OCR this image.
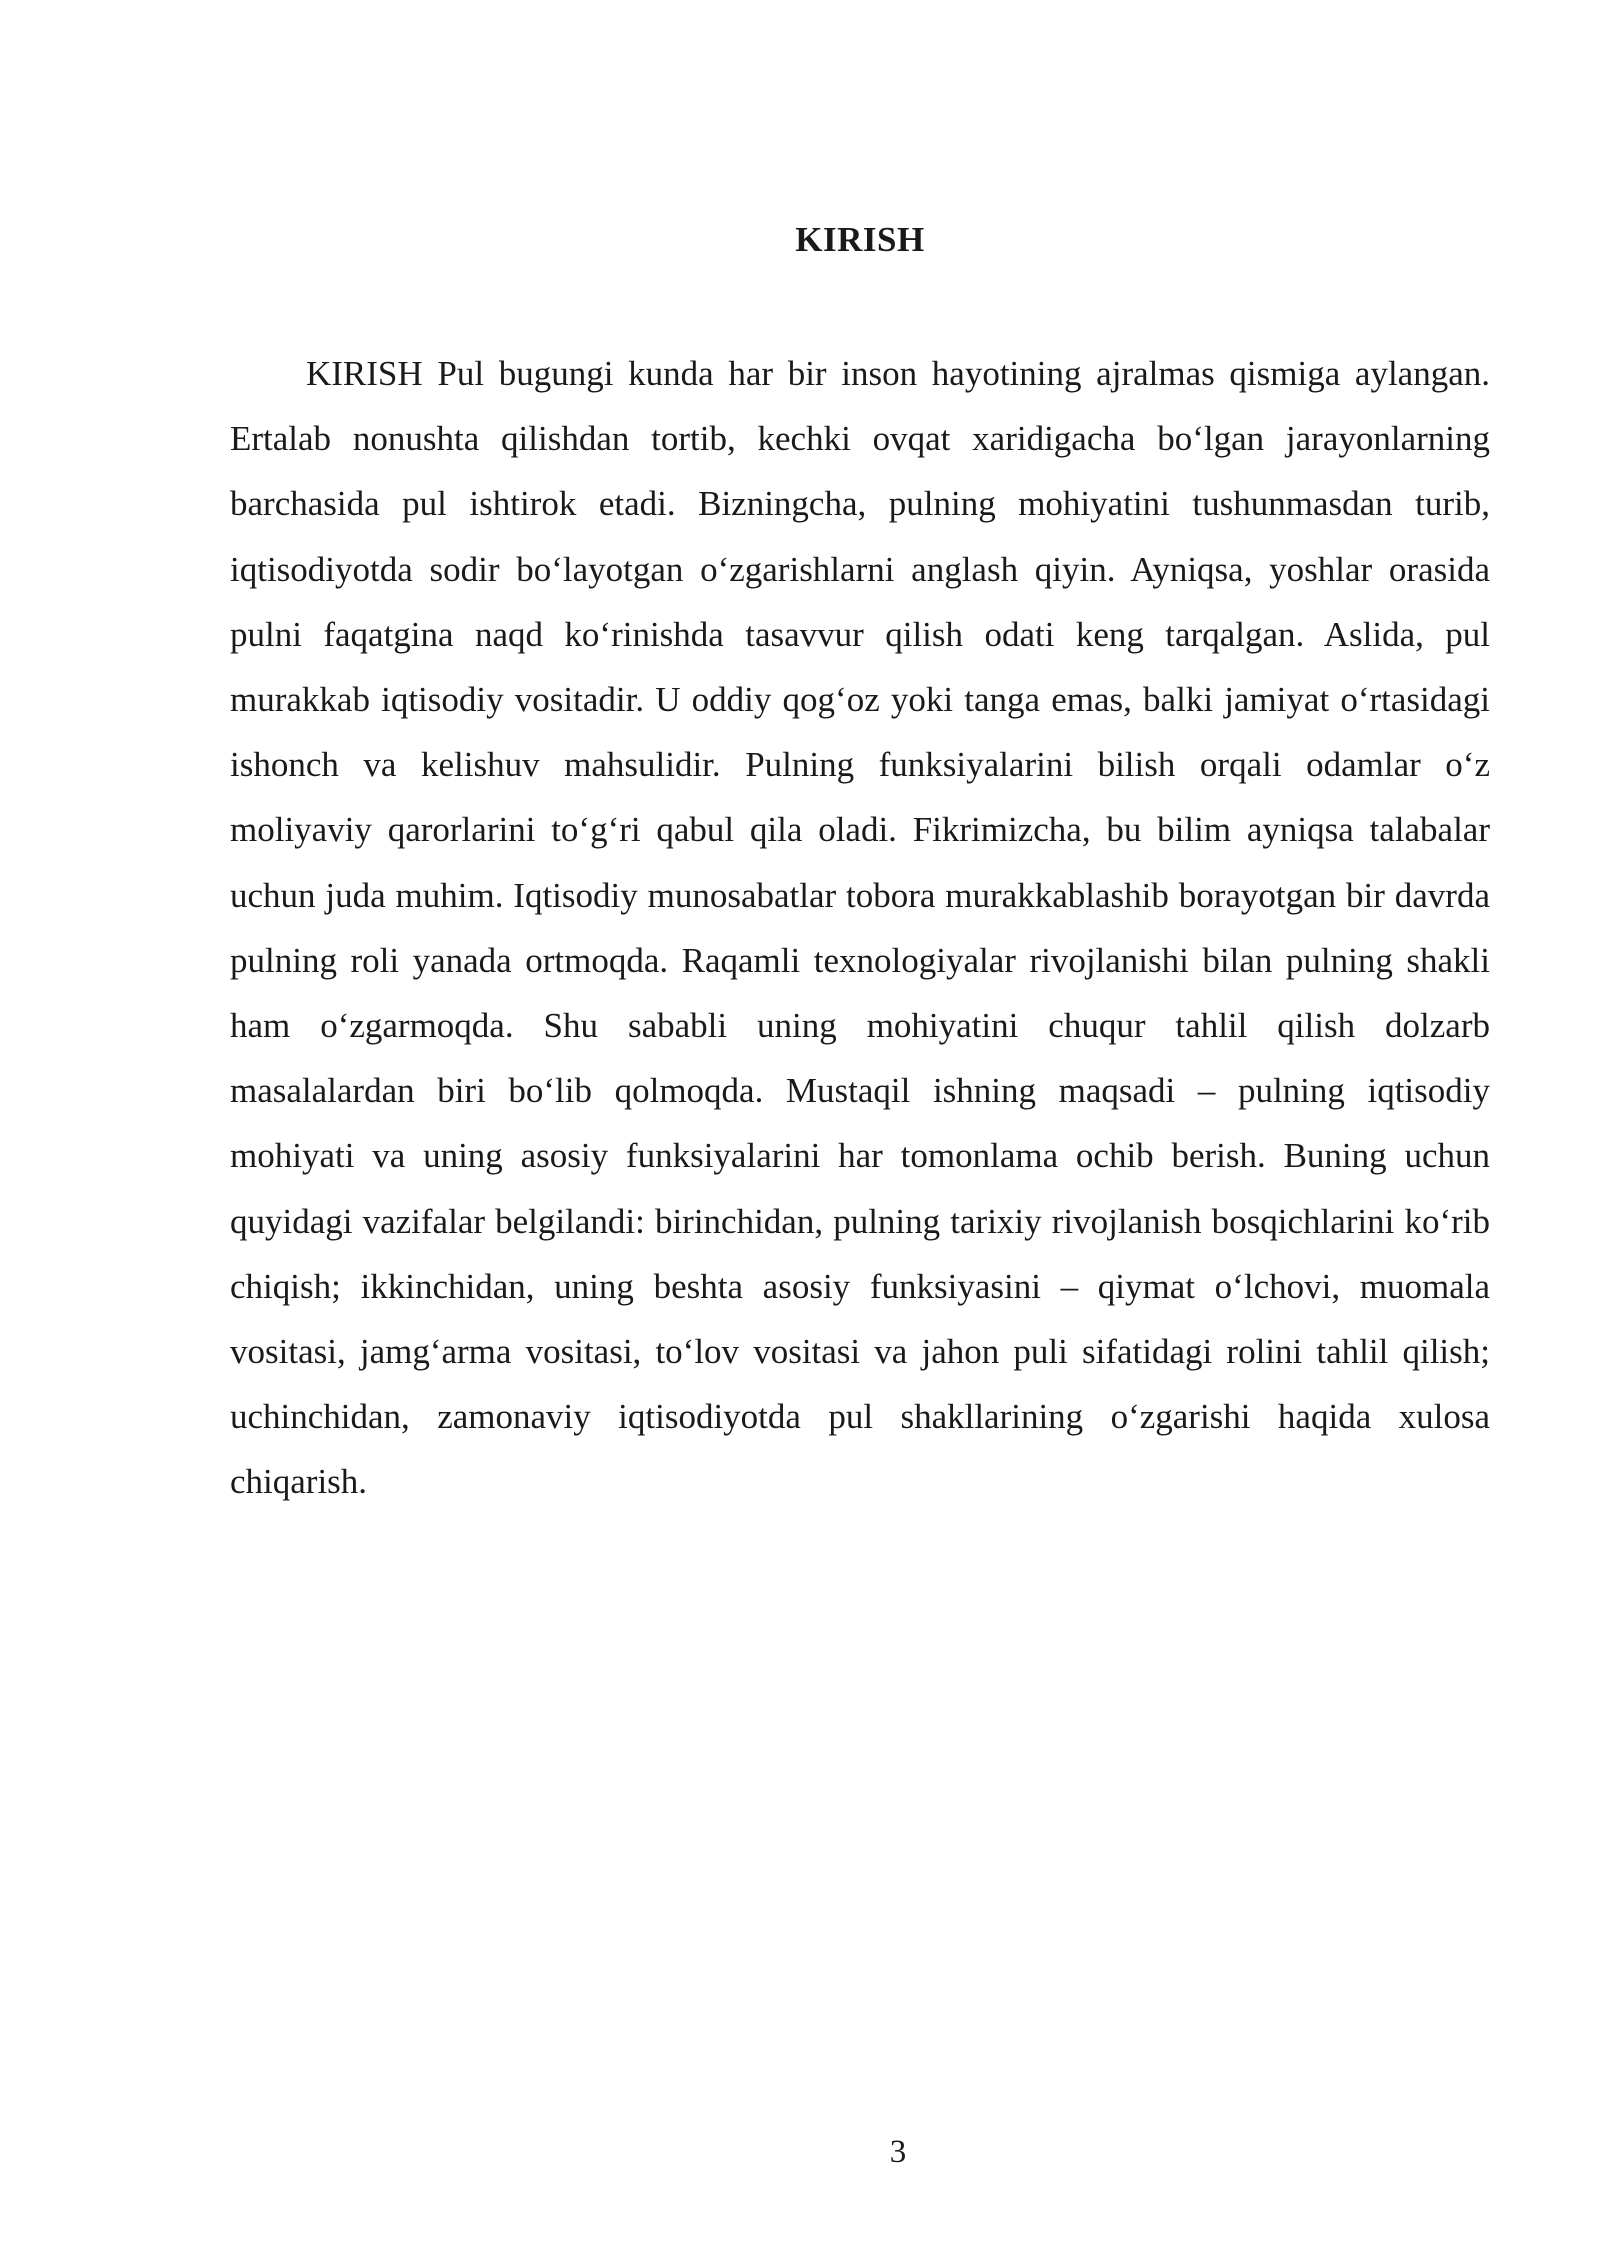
KIRISH

KIRISH Pul bugungi kunda har bir inson hayotining ajralmas qismiga aylangan. Ertalab nonushta qilishdan tortib, kechki ovqat xaridigacha bo‘lgan jarayonlarning barchasida pul ishtirok etadi. Bizningcha, pulning mohiyatini tushunmasdan turib, iqtisodiyotda sodir bo‘layotgan o‘zgarishlarni anglash qiyin. Ayniqsa, yoshlar orasida pulni faqatgina naqd ko‘rinishda tasavvur qilish odati keng tarqalgan. Aslida, pul murakkab iqtisodiy vositadir. U oddiy qog‘oz yoki tanga emas, balki jamiyat o‘rtasidagi ishonch va kelishuv mahsulidir. Pulning funksiyalarini bilish orqali odamlar o‘z moliyaviy qarorlarini to‘g‘ri qabul qila oladi. Fikrimizcha, bu bilim ayniqsa talabalar uchun juda muhim. Iqtisodiy munosabatlar tobora murakkablashib borayotgan bir davrda pulning roli yanada ortmoqda. Raqamli texnologiyalar rivojlanishi bilan pulning shakli ham o‘zgarmoqda. Shu sababli uning mohiyatini chuqur tahlil qilish dolzarb masalalardan biri bo‘lib qolmoqda. Mustaqil ishning maqsadi – pulning iqtisodiy mohiyati va uning asosiy funksiyalarini har tomonlama ochib berish. Buning uchun quyidagi vazifalar belgilandi: birinchidan, pulning tarixiy rivojlanish bosqichlarini ko‘rib chiqish; ikkinchidan, uning beshta asosiy funksiyasini – qiymat o‘lchovi, muomala vositasi, jamg‘arma vositasi, to‘lov vositasi va jahon puli sifatidagi rolini tahlil qilish; uchinchidan, zamonaviy iqtisodiyotda pul shakllarining o‘zgarishi haqida xulosa chiqarish.

3
